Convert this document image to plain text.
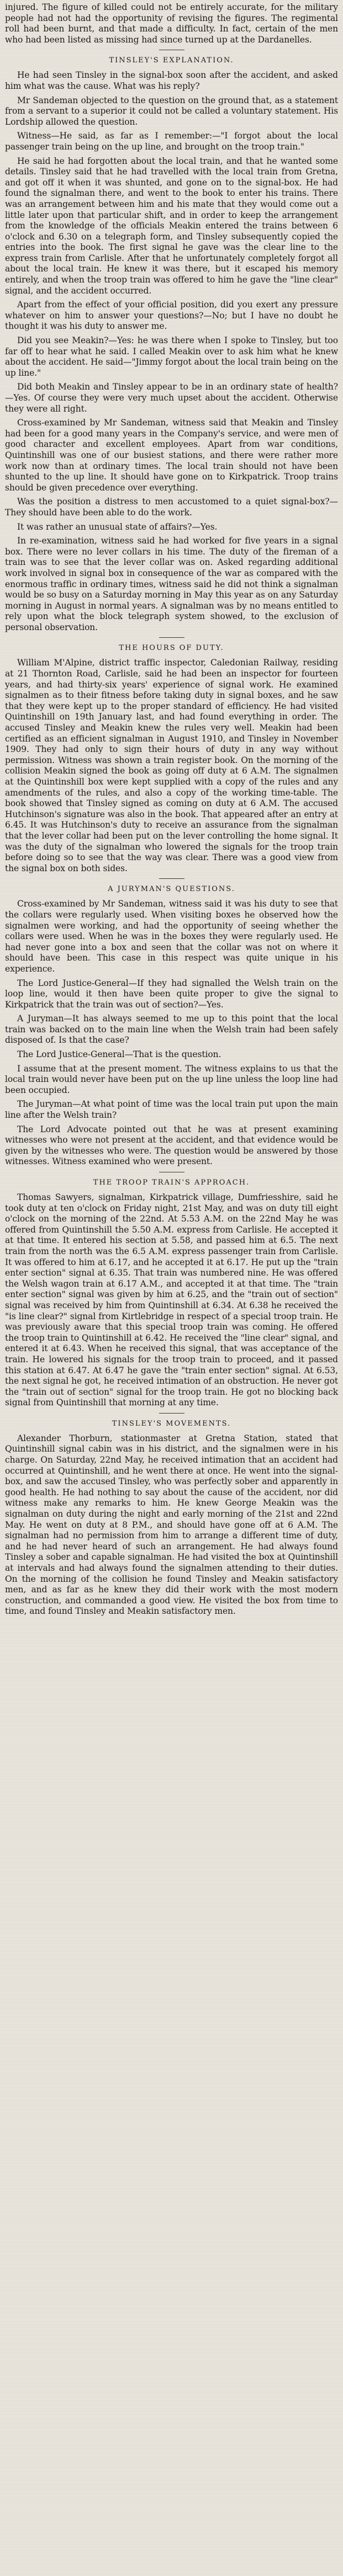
injured. The figure of killed could not be entirely accurate, for the military people had not had the opportunity of revising the figures. The regimental roll had been burnt, and that made a difficulty. In fact, certain of the men who had been listed as missing had since turned up at the Dardanelles.

TINSLEY'S EXPLANATION.

He had seen Tinsley in the signal-box soon after the accident, and asked him what was the cause. What was his reply?

Mr Sandeman objected to the question on the ground that, as a statement from a servant to a superior it could not be called a voluntary statement. His Lordship allowed the question.

Witness—He said, as far as I remember:—"I forgot about the local passenger train being on the up line, and brought on the troop train."

He said he had forgotten about the local train, and that he wanted some details. Tinsley said that he had travelled with the local train from Gretna, and got off it when it was shunted, and gone on to the signal-box. He had found the signalman there, and went to the book to enter his trains. There was an arrangement between him and his mate that they would come out a little later upon that particular shift, and in order to keep the arrangement from the knowledge of the officials Meakin entered the trains between 6 o'clock and 6.30 on a telegraph form, and Tinsley subsequently copied the entries into the book. The first signal he gave was the clear line to the express train from Carlisle. After that he unfortunately completely forgot all about the local train. He knew it was there, but it escaped his memory entirely, and when the troop train was offered to him he gave the "line clear" signal, and the accident occurred.

Apart from the effect of your official position, did you exert any pressure whatever on him to answer your questions?—No; but I have no doubt he thought it was his duty to answer me.

Did you see Meakin?—Yes: he was there when I spoke to Tinsley, but too far off to hear what he said. I called Meakin over to ask him what he knew about the accident. He said—"Jimmy forgot about the local train being on the up line."

Did both Meakin and Tinsley appear to be in an ordinary state of health?—Yes. Of course they were very much upset about the accident. Otherwise they were all right.

Cross-examined by Mr Sandeman, witness said that Meakin and Tinsley had been for a good many years in the Company's service, and were men of good character and excellent employees. Apart from war conditions, Quintinshill was one of our busiest stations, and there were rather more work now than at ordinary times. The local train should not have been shunted to the up line. It should have gone on to Kirkpatrick. Troop trains should be given precedence over everything.

Was the position a distress to men accustomed to a quiet signal-box?—They should have been able to do the work.

It was rather an unusual state of affairs?—Yes.

In re-examination, witness said he had worked for five years in a signal box. There were no lever collars in his time. The duty of the fireman of a train was to see that the lever collar was on. Asked regarding additional work involved in signal box in consequence of the war as compared with the enormous traffic in ordinary times, witness said he did not think a signalman would be so busy on a Saturday morning in May this year as on any Saturday morning in August in normal years. A signalman was by no means entitled to rely upon what the block telegraph system showed, to the exclusion of personal observation.

THE HOURS OF DUTY.

William M'Alpine, district traffic inspector, Caledonian Railway, residing at 21 Thornton Road, Carlisle, said he had been an inspector for fourteen years, and had thirty-six years' experience of signal work. He examined signalmen as to their fitness before taking duty in signal boxes, and he saw that they were kept up to the proper standard of efficiency. He had visited Quintinshill on 19th January last, and had found everything in order. The accused Tinsley and Meakin knew the rules very well. Meakin had been certified as an efficient signalman in August 1910, and Tinsley in November 1909. They had only to sign their hours of duty in any way without permission. Witness was shown a train register book. On the morning of the collision Meakin signed the book as going off duty at 6 A.M. The signalmen at the Quintinshill box were kept supplied with a copy of the rules and any amendments of the rules, and also a copy of the working time-table. The book showed that Tinsley signed as coming on duty at 6 A.M. The accused Hutchinson's signature was also in the book. That appeared after an entry at 6.45. It was Hutchinson's duty to receive an assurance from the signalman that the lever collar had been put on the lever controlling the home signal. It was the duty of the signalman who lowered the signals for the troop train before doing so to see that the way was clear. There was a good view from the signal box on both sides.

A JURYMAN'S QUESTIONS.

Cross-examined by Mr Sandeman, witness said it was his duty to see that the collars were regularly used. When visiting boxes he observed how the signalmen were working, and had the opportunity of seeing whether the collars were used. When he was in the boxes they were regularly used. He had never gone into a box and seen that the collar was not on where it should have been. This case in this respect was quite unique in his experience.

The Lord Justice-General—If they had signalled the Welsh train on the loop line, would it then have been quite proper to give the signal to Kirkpatrick that the train was out of section?—Yes.

A Juryman—It has always seemed to me up to this point that the local train was backed on to the main line when the Welsh train had been safely disposed of. Is that the case?

The Lord Justice-General—That is the question.

I assume that at the present moment. The witness explains to us that the local train would never have been put on the up line unless the loop line had been occupied.

The Juryman—At what point of time was the local train put upon the main line after the Welsh train?

The Lord Advocate pointed out that he was at present examining witnesses who were not present at the accident, and that evidence would be given by the witnesses who were. The question would be answered by those witnesses. Witness examined who were present.

THE TROOP TRAIN'S APPROACH.

Thomas Sawyers, signalman, Kirkpatrick village, Dumfriesshire, said he took duty at ten o'clock on Friday night, 21st May, and was on duty till eight o'clock on the morning of the 22nd. At 5.53 A.M. on the 22nd May he was offered from Quintinshill the 5.50 A.M. express from Carlisle. He accepted it at that time. It entered his section at 5.58, and passed him at 6.5. The next train from the north was the 6.5 A.M. express passenger train from Carlisle. It was offered to him at 6.17, and he accepted it at 6.17. He put up the "train enter section" signal at 6.35. That train was numbered nine. He was offered the Welsh wagon train at 6.17 A.M., and accepted it at that time. The "train enter section" signal was given by him at 6.25, and the "train out of section" signal was received by him from Quintinshill at 6.34. At 6.38 he received the "is line clear?" signal from Kirtlebridge in respect of a special troop train. He was previously aware that this special troop train was coming. He offered the troop train to Quintinshill at 6.42. He received the "line clear" signal, and entered it at 6.43. When he received this signal, that was acceptance of the train. He lowered his signals for the troop train to proceed, and it passed this station at 6.47. At 6.47 he gave the "train enter section" signal. At 6.53, the next signal he got, he received intimation of an obstruction. He never got the "train out of section" signal for the troop train. He got no blocking back signal from Quintinshill that morning at any time.

TINSLEY'S MOVEMENTS.

Alexander Thorburn, stationmaster at Gretna Station, stated that Quintinshill signal cabin was in his district, and the signalmen were in his charge. On Saturday, 22nd May, he received intimation that an accident had occurred at Quintinshill, and he went there at once. He went into the signal-box, and saw the accused Tinsley, who was perfectly sober and apparently in good health. He had nothing to say about the cause of the accident, nor did witness make any remarks to him. He knew George Meakin was the signalman on duty during the night and early morning of the 21st and 22nd May. He went on duty at 8 P.M., and should have gone off at 6 A.M. The signalman had no permission from him to arrange a different time of duty, and he had never heard of such an arrangement. He had always found Tinsley a sober and capable signalman. He had visited the box at Quintinshill at intervals and had always found the signalmen attending to their duties. On the morning of the collision he found Tinsley and Meakin satisfactory men, and as far as he knew they did their work with the most modern construction, and commanded a good view. He visited the box from time to time, and found Tinsley and Meakin satisfactory men.
